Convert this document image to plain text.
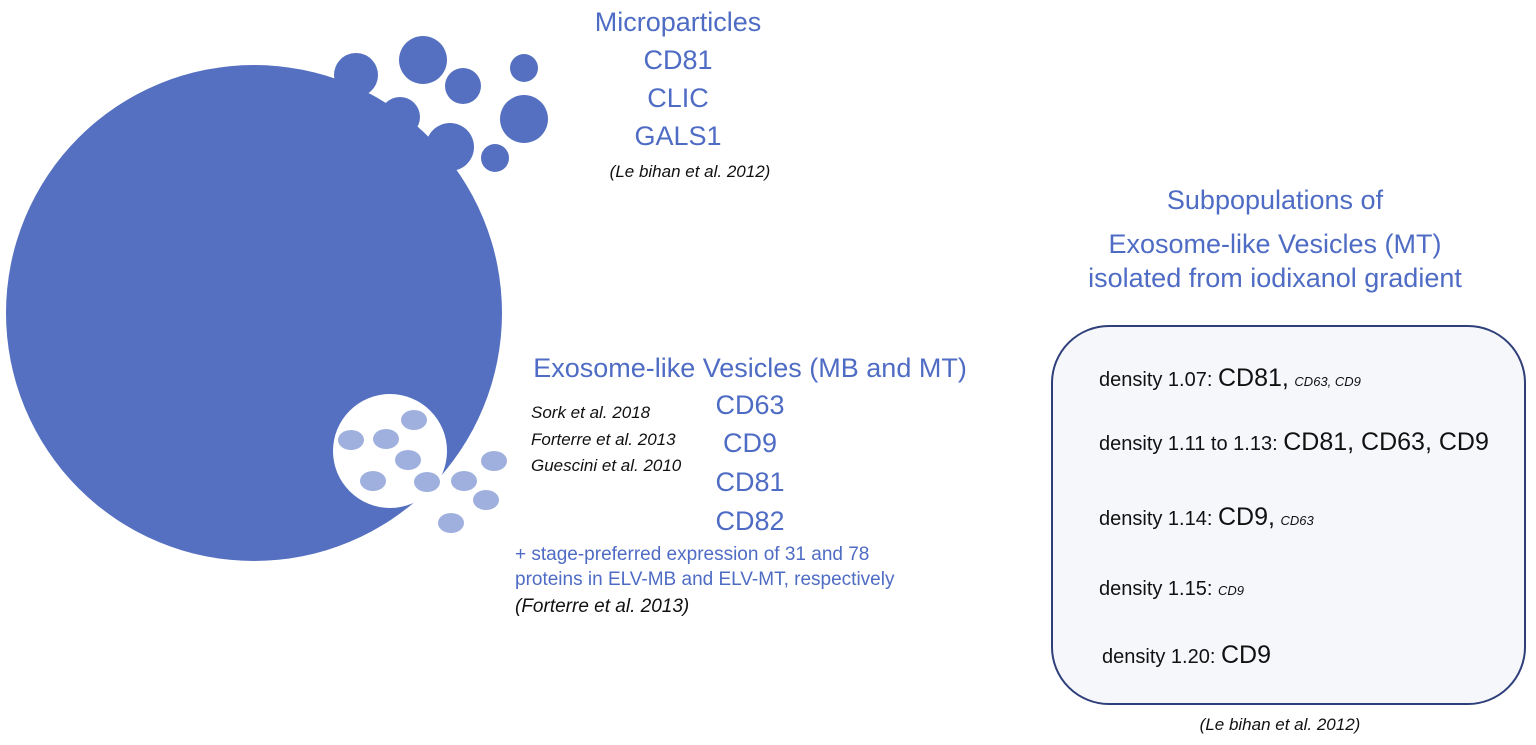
Microparticles
CD81
CLIC
GALS1
(Le bihan et al. 2012)
Subpopulations of
Exosome-like Vesicles (MT)
isolated from iodixanol gradient
Exosome-like Vesicles (MB and MT)
Sork et al. 2018
Forterre et al. 2013
Guescini et al. 2010
CD63
CD9
CD81
CD82
+ stage-preferred expression of 31 and 78
proteins in ELV-MB and ELV-MT, respectively
(Forterre et al. 2013)
density 1.07: CD81, CD63, CD9
density 1.11 to 1.13: CD81, CD63, CD9
density 1.14: CD9, CD63
density 1.15: CD9
density 1.20: CD9
(Le bihan et al. 2012)
